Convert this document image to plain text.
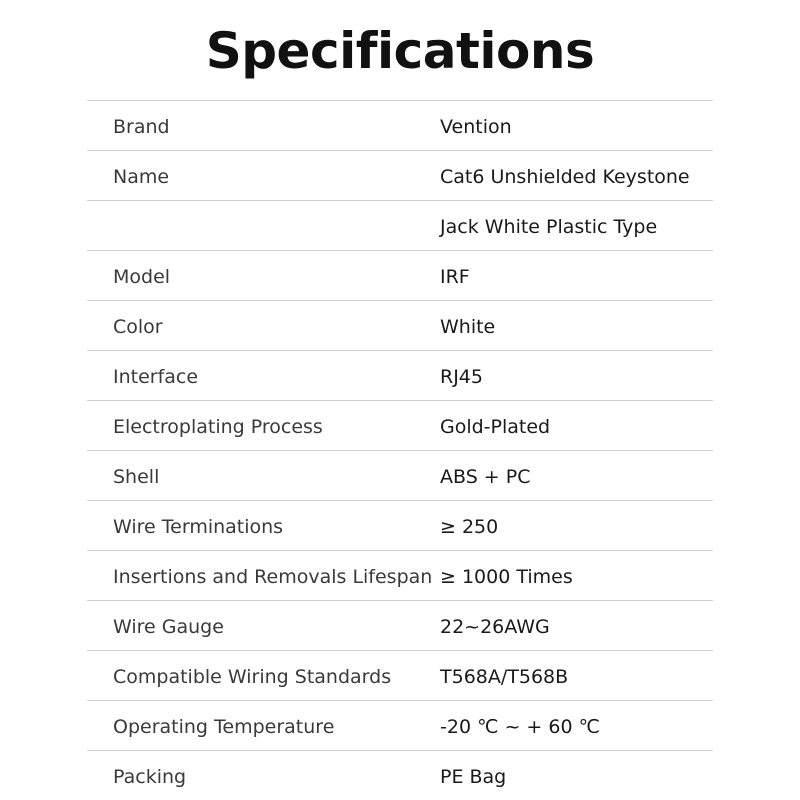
Specifications
Brand	Vention
Name	Cat6 Unshielded Keystone
Jack White Plastic Type
Model	IRF
Color	White
Interface	RJ45
Electroplating Process	Gold-Plated
Shell	ABS + PC
Wire Terminations	≥ 250
Insertions and Removals Lifespan ≥ 1000 Times
Wire Gauge	22~26AWG
Compatible Wiring Standards	T568A/T568B
Operating Temperature	-20 ℃ ~ + 60 ℃
Packing	PE Bag
